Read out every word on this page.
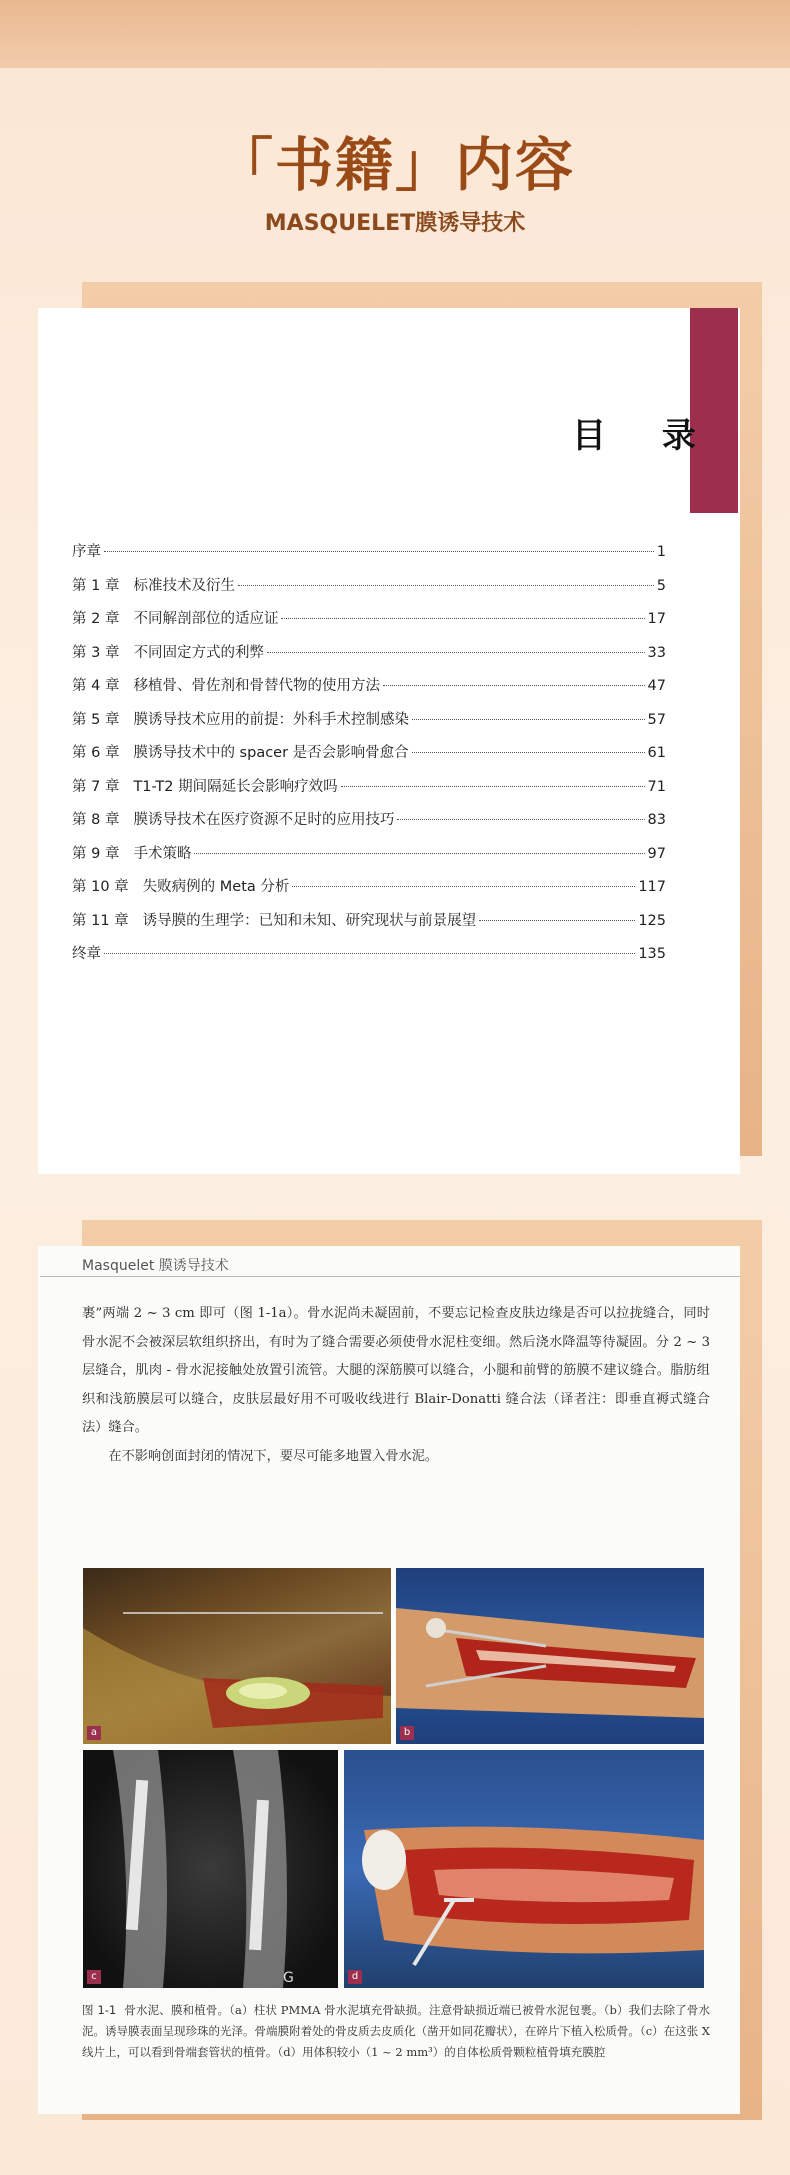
「书籍」内容
MASQUELET膜诱导技术
目 录
序章	1
第 1 章 标准技术及衍生	5
第 2 章 不同解剖部位的适应证	17
第 3 章 不同固定方式的利弊	33
第 4 章 移植骨、骨佐剂和骨替代物的使用方法	47
第 5 章 膜诱导技术应用的前提：外科手术控制感染	57
第 6 章 膜诱导技术中的 spacer 是否会影响骨愈合	61
第 7 章 T1-T2 期间隔延长会影响疗效吗	71
第 8 章 膜诱导技术在医疗资源不足时的应用技巧	83
第 9 章 手术策略	97
第 10 章 失败病例的 Meta 分析	117
第 11 章 诱导膜的生理学：已知和未知、研究现状与前景展望	125
终章	135
Masquelet 膜诱导技术

裹”两端 2 ~ 3 cm 即可（图 1-1a）。骨水泥尚未凝固前，不要忘记检查皮肤边缘是否可以拉拢缝合，同时骨水泥不会被深层软组织挤出，有时为了缝合需要必须使骨水泥柱变细。然后浇水降温等待凝固。分 2 ~ 3 层缝合，肌肉 - 骨水泥接触处放置引流管。大腿的深筋膜可以缝合，小腿和前臂的筋膜不建议缝合。脂肪组织和浅筋膜层可以缝合，皮肤层最好用不可吸收线进行 Blair-Donatti 缝合法（译者注：即垂直褥式缝合法）缝合。

在不影响创面封闭的情况下，要尽可能多地置入骨水泥。

a	b
G
c	d
图 1-1 骨水泥、膜和植骨。（a）柱状 PMMA 骨水泥填充骨缺损。注意骨缺损近端已被骨水泥包裹。（b）我们去除了骨水泥。诱导膜表面呈现珍珠的光泽。骨端膜附着处的骨皮质去皮质化（凿开如同花瓣状），在碎片下植入松质骨。（c）在这张 X 线片上，可以看到骨端套管状的植骨。（d）用体积较小（1 ~ 2 mm³）的自体松质骨颗粒植骨填充膜腔
